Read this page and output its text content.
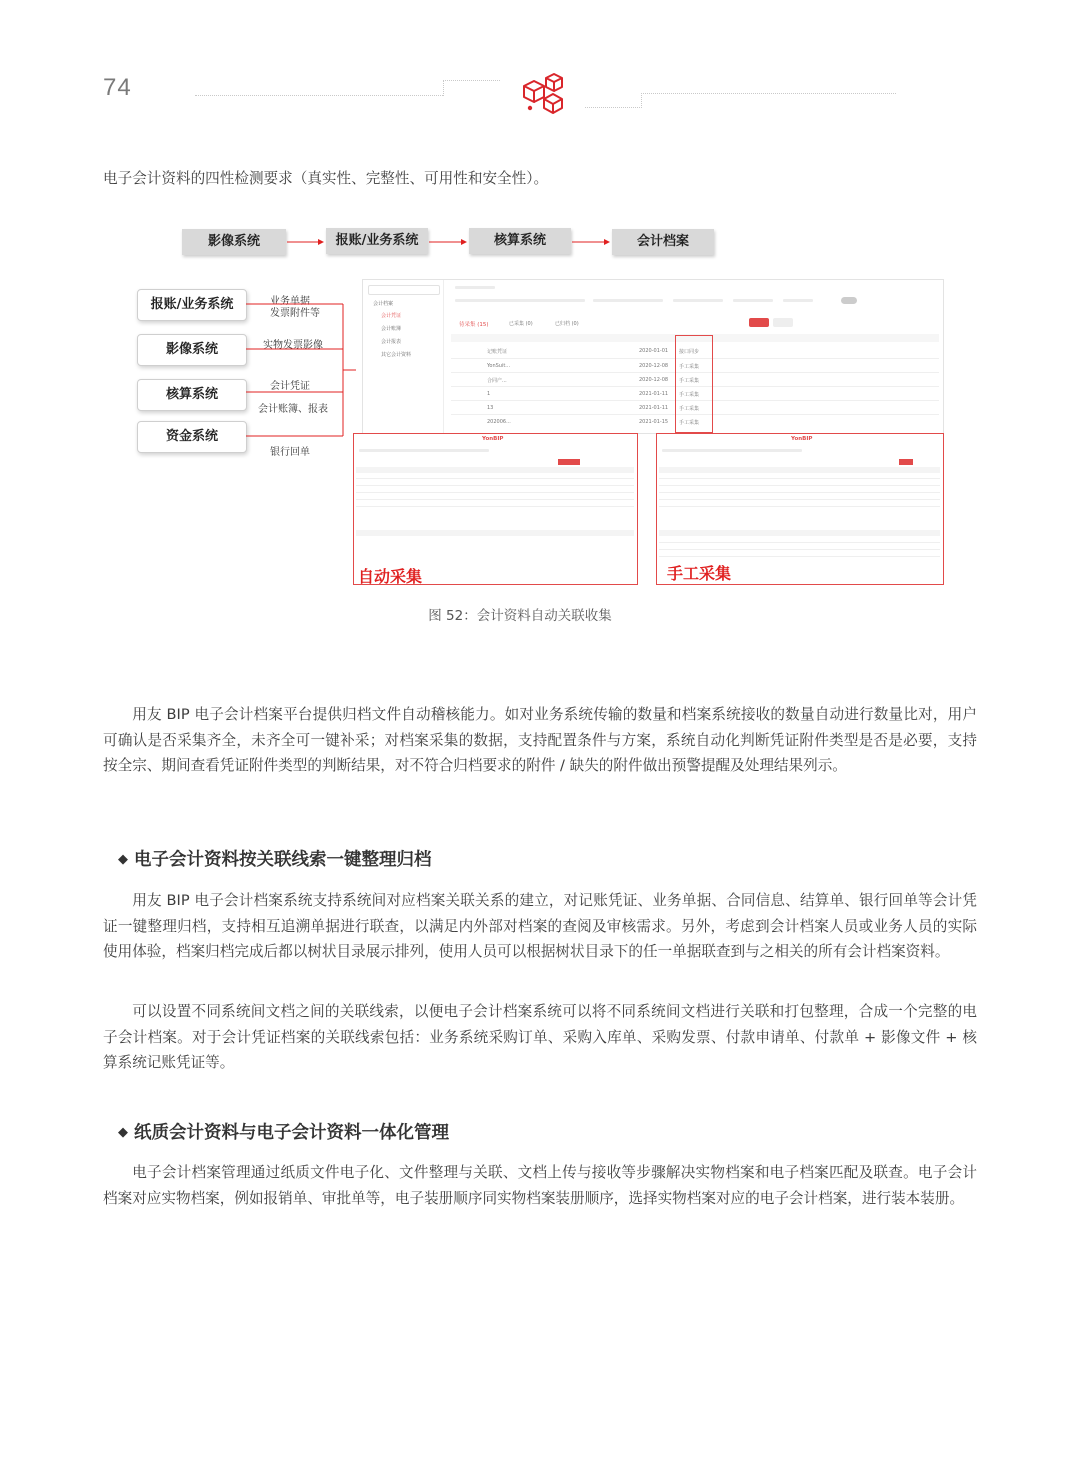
74
电子会计资料的四性检测要求（真实性、完整性、可用性和安全性）。
影像系统	报账/业务系统	核算系统	会计档案
报账/业务系统
影像系统
核算系统
资金系统
业务单据
发票附件等
实物发票影像
会计凭证
会计账簿、报表
银行回单
会计档案
会计凭证
会计账簿
会计报表
其它会计资料
待采集 (15)	已采集 (0)	已归档 (0)
记账凭证	2020-01-01 接口同步
YonSuit...	2020-12-08 手工采集
合同产...	2020-12-08 手工采集
1	2021-01-11 手工采集
13	2021-01-11 手工采集
202006...	2021-01-15 手工采集
YonBIP
自动采集
YonBIP
手工采集
图 52：会计资料自动关联收集

用友 BIP 电子会计档案平台提供归档文件自动稽核能力。如对业务系统传输的数量和档案系统接收的数量自动进行数量比对，用户可确认是否采集齐全，未齐全可一键补采；对档案采集的数据，支持配置条件与方案，系统自动化判断凭证附件类型是否是必要，支持按全宗、期间查看凭证附件类型的判断结果，对不符合归档要求的附件 / 缺失的附件做出预警提醒及处理结果列示。

◆ 电子会计资料按关联线索一键整理归档

用友 BIP 电子会计档案系统支持系统间对应档案关联关系的建立，对记账凭证、业务单据、合同信息、结算单、银行回单等会计凭证一键整理归档，支持相互追溯单据进行联查，以满足内外部对档案的查阅及审核需求。另外，考虑到会计档案人员或业务人员的实际使用体验，档案归档完成后都以树状目录展示排列，使用人员可以根据树状目录下的任一单据联查到与之相关的所有会计档案资料。

可以设置不同系统间文档之间的关联线索，以便电子会计档案系统可以将不同系统间文档进行关联和打包整理，合成一个完整的电子会计档案。对于会计凭证档案的关联线索包括：业务系统采购订单、采购入库单、采购发票、付款申请单、付款单 + 影像文件 + 核算系统记账凭证等。

◆ 纸质会计资料与电子会计资料一体化管理

电子会计档案管理通过纸质文件电子化、文件整理与关联、文档上传与接收等步骤解决实物档案和电子档案匹配及联查。电子会计档案对应实物档案，例如报销单、审批单等，电子装册顺序同实物档案装册顺序，选择实物档案对应的电子会计档案，进行装本装册。
